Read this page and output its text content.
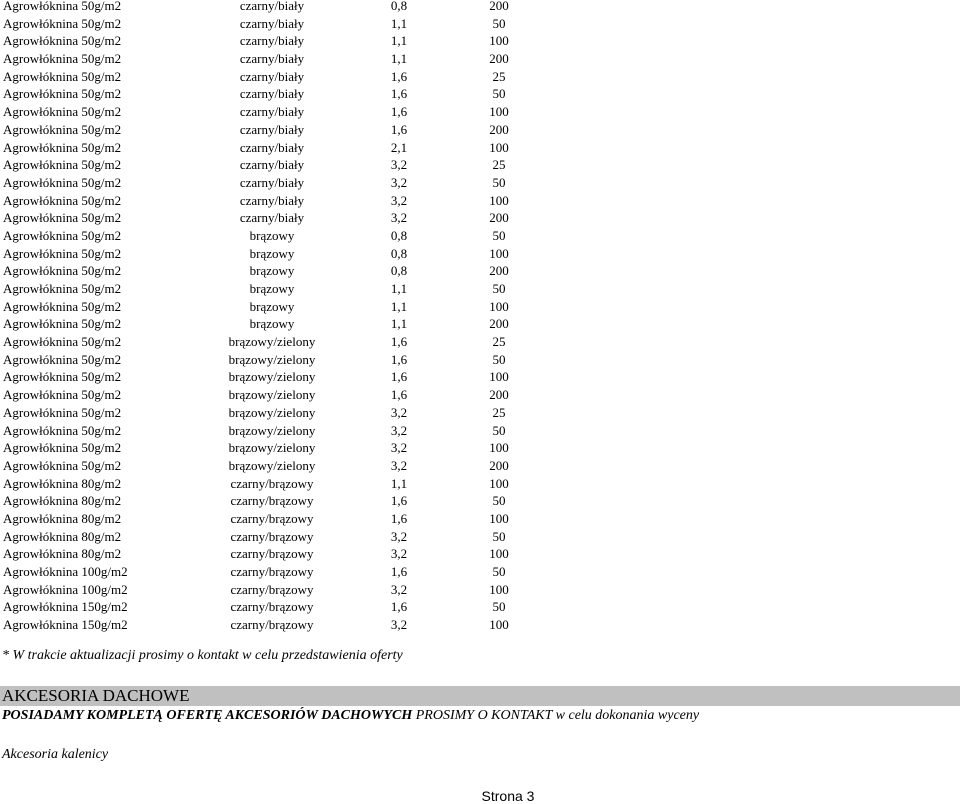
Agrowłóknina 50g/m2	czarny/biały	0,8	200
Agrowłóknina 50g/m2	czarny/biały	1,1	50
Agrowłóknina 50g/m2	czarny/biały	1,1	100
Agrowłóknina 50g/m2	czarny/biały	1,1	200
Agrowłóknina 50g/m2	czarny/biały	1,6	25
Agrowłóknina 50g/m2	czarny/biały	1,6	50
Agrowłóknina 50g/m2	czarny/biały	1,6	100
Agrowłóknina 50g/m2	czarny/biały	1,6	200
Agrowłóknina 50g/m2	czarny/biały	2,1	100
Agrowłóknina 50g/m2	czarny/biały	3,2	25
Agrowłóknina 50g/m2	czarny/biały	3,2	50
Agrowłóknina 50g/m2	czarny/biały	3,2	100
Agrowłóknina 50g/m2	czarny/biały	3,2	200
Agrowłóknina 50g/m2	brązowy	0,8	50
Agrowłóknina 50g/m2	brązowy	0,8	100
Agrowłóknina 50g/m2	brązowy	0,8	200
Agrowłóknina 50g/m2	brązowy	1,1	50
Agrowłóknina 50g/m2	brązowy	1,1	100
Agrowłóknina 50g/m2	brązowy	1,1	200
Agrowłóknina 50g/m2	brązowy/zielony	1,6	25
Agrowłóknina 50g/m2	brązowy/zielony	1,6	50
Agrowłóknina 50g/m2	brązowy/zielony	1,6	100
Agrowłóknina 50g/m2	brązowy/zielony	1,6	200
Agrowłóknina 50g/m2	brązowy/zielony	3,2	25
Agrowłóknina 50g/m2	brązowy/zielony	3,2	50
Agrowłóknina 50g/m2	brązowy/zielony	3,2	100
Agrowłóknina 50g/m2	brązowy/zielony	3,2	200
Agrowłóknina 80g/m2	czarny/brązowy	1,1	100
Agrowłóknina 80g/m2	czarny/brązowy	1,6	50
Agrowłóknina 80g/m2	czarny/brązowy	1,6	100
Agrowłóknina 80g/m2	czarny/brązowy	3,2	50
Agrowłóknina 80g/m2	czarny/brązowy	3,2	100
Agrowłóknina 100g/m2	czarny/brązowy	1,6	50
Agrowłóknina 100g/m2	czarny/brązowy	3,2	100
Agrowłóknina 150g/m2	czarny/brązowy	1,6	50
Agrowłóknina 150g/m2	czarny/brązowy	3,2	100
* W trakcie aktualizacji prosimy o kontakt w celu przedstawienia oferty
AKCESORIA DACHOWE
POSIADAMY KOMPLETĄ OFERTĘ AKCESORIÓW DACHOWYCH PROSIMY O KONTAKT w celu dokonania wyceny
Akcesoria kalenicy
Strona 3
